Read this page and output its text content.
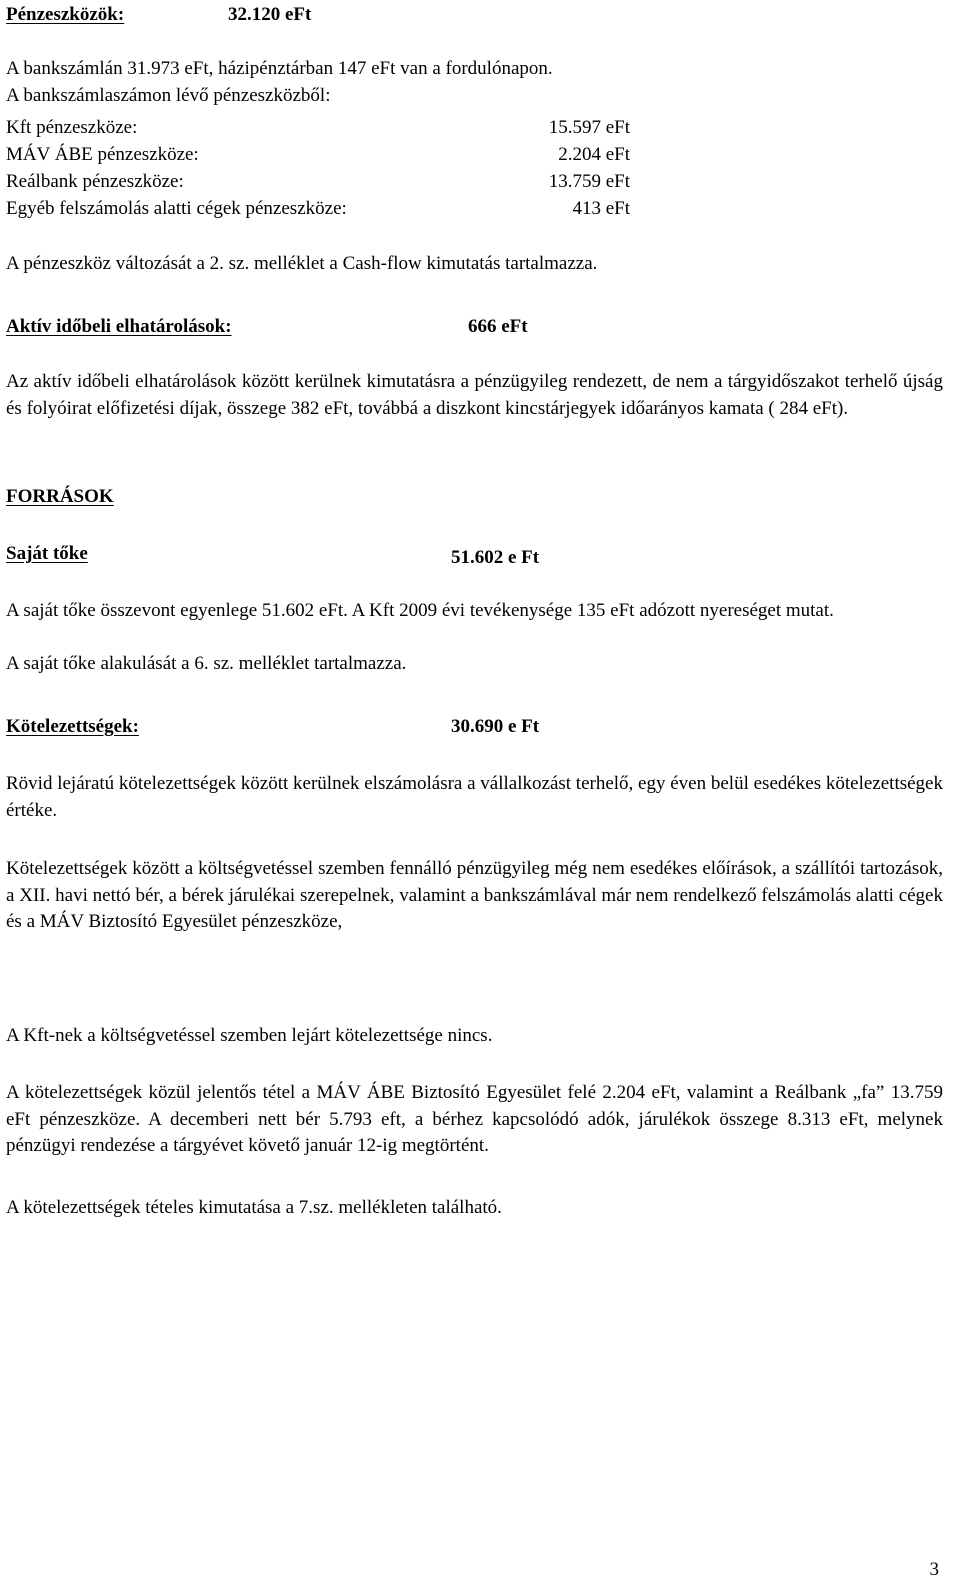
Pénzeszközök:	32.120 eFt
A bankszámlán 31.973 eFt, házipénztárban 147 eFt van a fordulónapon.
A bankszámlaszámon lévő pénzeszközből:
Kft pénzeszköze:	15.597 eFt
MÁV ÁBE pénzeszköze:	2.204 eFt
Reálbank pénzeszköze:	13.759 eFt
Egyéb felszámolás alatti cégek pénzeszköze:	413 eFt
A pénzeszköz változását a 2. sz. melléklet a Cash-flow kimutatás tartalmazza.
Aktív időbeli elhatárolások:	666 eFt

Az aktív időbeli elhatárolások között kerülnek kimutatásra a pénzügyileg rendezett, de nem a tárgyidőszakot terhelő újság és folyóirat előfizetési díjak, összege 382 eFt, továbbá a diszkont kincstárjegyek időarányos kamata ( 284 eFt).

FORRÁSOK
Saját tőke	51.602 e Ft

A saját tőke összevont egyenlege 51.602 eFt. A Kft 2009 évi tevékenysége 135 eFt adózott nyereséget mutat.

A saját tőke alakulását a 6. sz. melléklet tartalmazza.
Kötelezettségek:	30.690 e Ft

Rövid lejáratú kötelezettségek között kerülnek elszámolásra a vállalkozást terhelő, egy éven belül esedékes kötelezettségek értéke.

Kötelezettségek között a költségvetéssel szemben fennálló pénzügyileg még nem esedékes előírások, a szállítói tartozások, a XII. havi nettó bér, a bérek járulékai szerepelnek, valamint a bankszámlával már nem rendelkező felszámolás alatti cégek és a MÁV Biztosító Egyesület pénzeszköze,

A Kft-nek a költségvetéssel szemben lejárt kötelezettsége nincs.

A kötelezettségek közül jelentős tétel a MÁV ÁBE Biztosító Egyesület felé 2.204 eFt, valamint a Reálbank „fa” 13.759 eFt pénzeszköze. A decemberi nett bér 5.793 eft, a bérhez kapcsolódó adók, járulékok összege 8.313 eFt, melynek pénzügyi rendezése a tárgyévet követő január 12-ig megtörtént.

A kötelezettségek tételes kimutatása a 7.sz. mellékleten található.

3
